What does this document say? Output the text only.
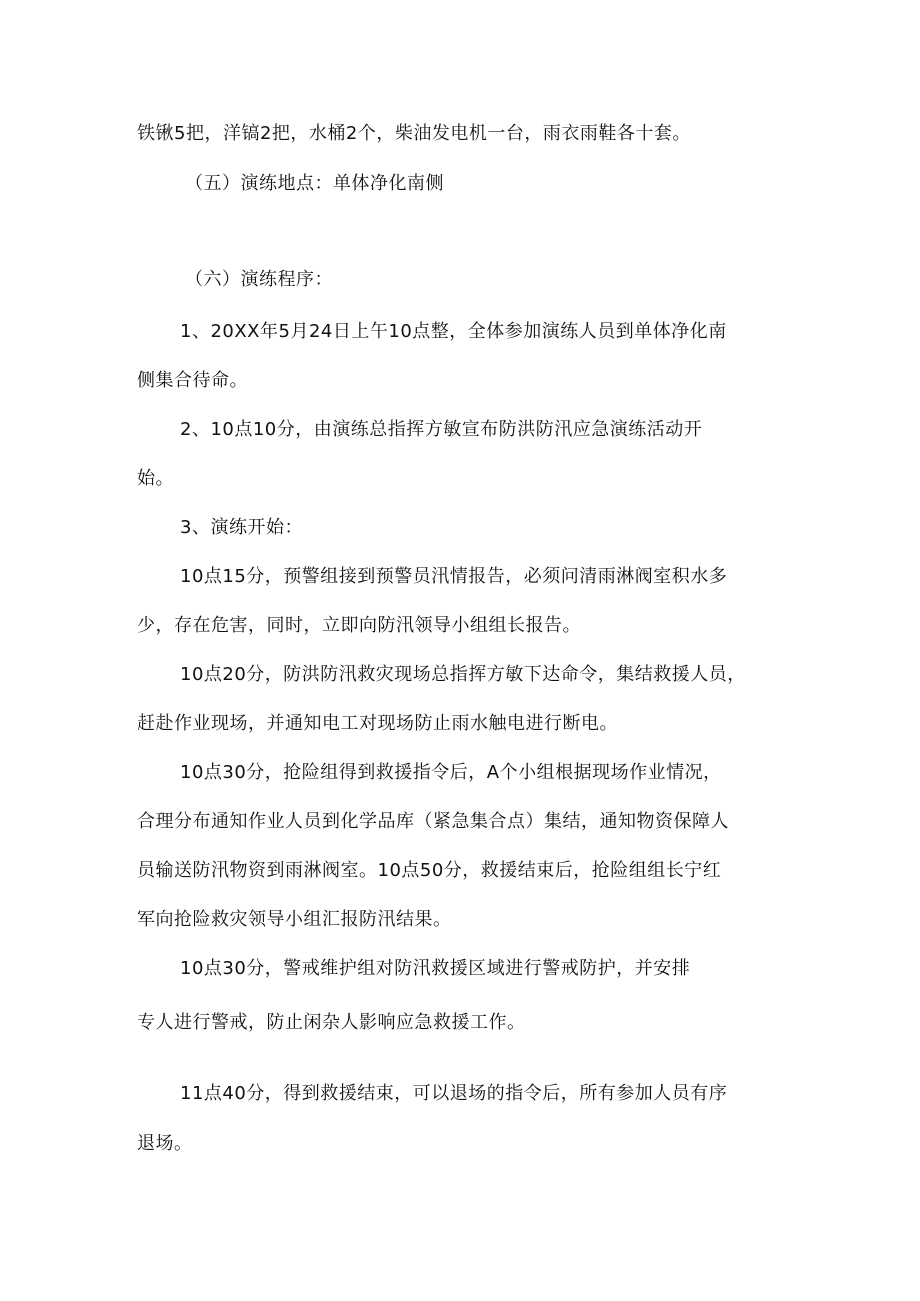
铁锹5把，洋镐2把，水桶2个，柴油发电机一台，雨衣雨鞋各十套。
（五）演练地点：单体净化南侧
（六）演练程序：
1、20XX年5月24日上午10点整，全体参加演练人员到单体净化南
侧集合待命。
2、10点10分，由演练总指挥方敏宣布防洪防汛应急演练活动开
始。
3、演练开始：
10点15分，预警组接到预警员汛情报告，必须问清雨淋阀室积水多
少，存在危害，同时，立即向防汛领导小组组长报告。
10点20分，防洪防汛救灾现场总指挥方敏下达命令，集结救援人员，
赶赴作业现场，并通知电工对现场防止雨水触电进行断电。
10点30分，抢险组得到救援指令后，A个小组根据现场作业情况，
合理分布通知作业人员到化学品库（紧急集合点）集结，通知物资保障人
员输送防汛物资到雨淋阀室。10点50分，救援结束后，抢险组组长宁红
军向抢险救灾领导小组汇报防汛结果。
10点30分，警戒维护组对防汛救援区域进行警戒防护，并安排
专人进行警戒，防止闲杂人影响应急救援工作。
11点40分，得到救援结束，可以退场的指令后，所有参加人员有序
退场。
